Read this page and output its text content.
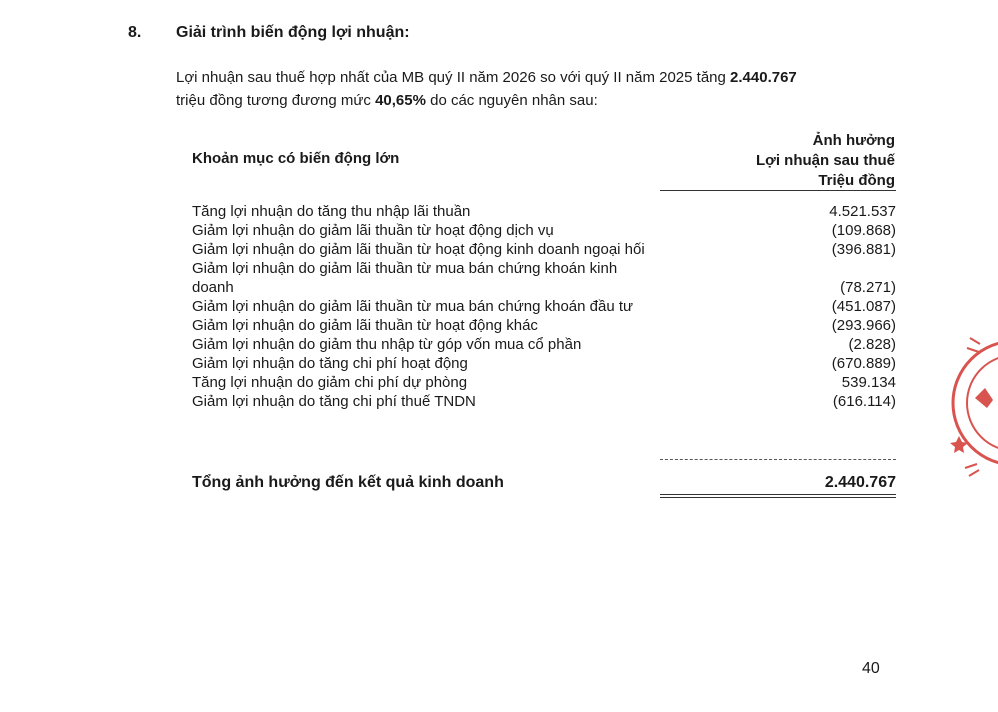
8. Giải trình biến động lợi nhuận:

Lợi nhuận sau thuế hợp nhất của MB quý II năm 2026 so với quý II năm 2025 tăng 2.440.767

triệu đồng tương đương mức 40,65% do các nguyên nhân sau:

Khoản mục có biến động lớn
Ảnh hưởng
Lợi nhuận sau thuế
Triệu đồng
Tăng lợi nhuận do tăng thu nhập lãi thuần	4.521.537
Giảm lợi nhuận do giảm lãi thuần từ hoạt động dịch vụ	(109.868)
Giảm lợi nhuận do giảm lãi thuần từ hoạt động kinh doanh ngoại hối	(396.881)
Giảm lợi nhuận do giảm lãi thuần từ mua bán chứng khoán kinh doanh	(78.271)
Giảm lợi nhuận do giảm lãi thuần từ mua bán chứng khoán đầu tư	(451.087)
Giảm lợi nhuận do giảm lãi thuần từ hoạt động khác	(293.966)
Giảm lợi nhuận do giảm thu nhập từ góp vốn mua cổ phần	(2.828)
Giảm lợi nhuận do tăng chi phí hoạt động	(670.889)
Tăng lợi nhuận do giảm chi phí dự phòng	539.134
Giảm lợi nhuận do tăng chi phí thuế TNDN	(616.114)
Tổng ảnh hưởng đến kết quả kinh doanh	2.440.767
40
